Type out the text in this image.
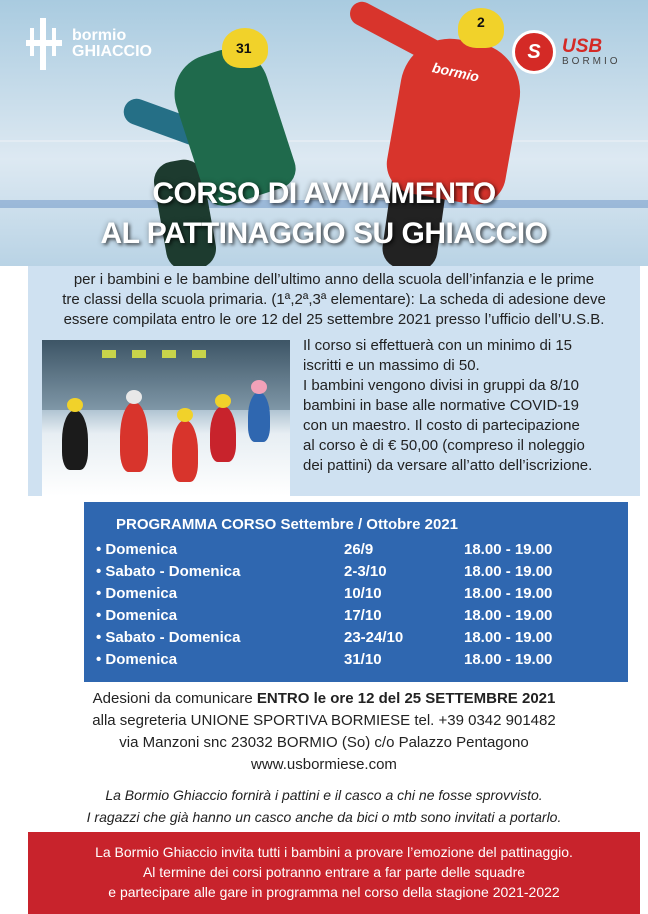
31
bormio
2
bormio
GHIACCIO	S	USB
BORMIO
CORSO DI AVVIAMENTO
AL PATTINAGGIO SU GHIACCIO
per i bambini e le bambine dell’ultimo anno della scuola dell’infanzia e le prime
tre classi della scuola primaria. (1ª,2ª,3ª elementare): La scheda di adesione deve
essere compilata entro le ore 12 del 25 settembre 2021 presso l’ufficio dell’U.S.B.
Il corso si effettuerà con un minimo di 15
iscritti e un massimo di 50.
I bambini vengono divisi in gruppi da 8/10
bambini in base alle normative COVID-19
con un maestro. Il costo di partecipazione
al corso è di € 50,00 (compreso il noleggio
dei pattini) da versare all’atto dell’iscrizione.
PROGRAMMA CORSO Settembre / Ottobre 2021
• Domenica	26/9	18.00 - 19.00
• Sabato - Domenica	2-3/10	18.00 - 19.00
• Domenica	10/10	18.00 - 19.00
• Domenica	17/10	18.00 - 19.00
• Sabato - Domenica	23-24/10	18.00 - 19.00
• Domenica	31/10	18.00 - 19.00
Adesioni da comunicare ENTRO le ore 12 del 25 SETTEMBRE 2021
alla segreteria UNIONE SPORTIVA BORMIESE tel. +39 0342 901482
via Manzoni snc 23032 BORMIO (So) c/o Palazzo Pentagono
www.usbormiese.com
La Bormio Ghiaccio fornirà i pattini e il casco a chi ne fosse sprovvisto.
I ragazzi che già hanno un casco anche da bici o mtb sono invitati a portarlo.
La Bormio Ghiaccio invita tutti i bambini a provare l’emozione del pattinaggio.
Al termine dei corsi potranno entrare a far parte delle squadre
e partecipare alle gare in programma nel corso della stagione 2021-2022
